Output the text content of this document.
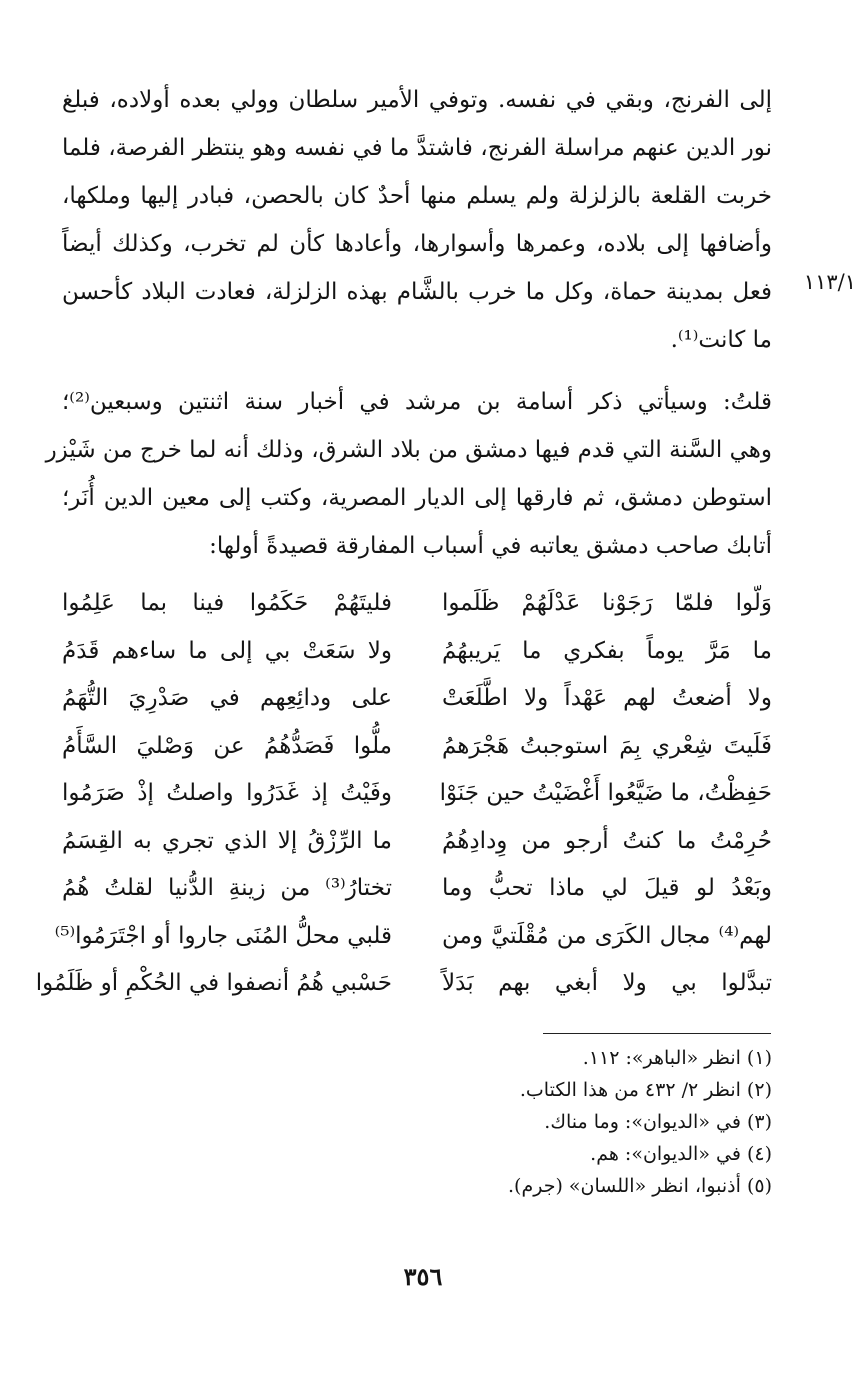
١١٣/١
إلى الفرنج، وبقي في نفسه. وتوفي الأمير سلطان وولي بعده أولاده، فبلغ
نور الدين عنهم مراسلة الفرنج، فاشتدَّ ما في نفسه وهو ينتظر الفرصة، فلما
خربت القلعة بالزلزلة ولم يسلم منها أحدٌ كان بالحصن، فبادر إليها وملكها،
وأضافها إلى بلاده، وعمرها وأسوارها، وأعادها كأن لم تخرب، وكذلك أيضاً
فعل بمدينة حماة، وكل ما خرب بالشَّام بهذه الزلزلة، فعادت البلاد كأحسن
ما كانت⁽¹⁾.
قلتُ: وسيأتي ذكر أسامة بن مرشد في أخبار سنة اثنتين وسبعين⁽²⁾؛
وهي السَّنة التي قدم فيها دمشق من بلاد الشرق، وذلك أنه لما خرج من شَيْزر
استوطن دمشق، ثم فارقها إلى الديار المصرية، وكتب إلى معين الدين أُنَر؛
أتابك صاحب دمشق يعاتبه في أسباب المفارقة قصيدةً أولها:
وَلّوا فلمّا رَجَوْنا عَدْلَهُمْ ظَلَموا
فليتَهُمْ حَكَمُوا فينا بما عَلِمُوا
ما مَرَّ يوماً بفكري ما يَريبهُمُ
ولا سَعَتْ بي إلى ما ساءهم قَدَمُ
ولا أضعتُ لهم عَهْداً ولا اطَّلَعَتْ
على ودائِعِهم في صَدْرِيَ التُّهَمُ
فَلَيتَ شِعْري بِمَ استوجبتُ هَجْرَهمُ
ملُّوا فَصَدُّهُمُ عن وَصْليَ السَّأَمُ
حَفِظْتُ، ما ضَيَّعُوا أَغْضَيْتُ حين جَنَوْا
وفَيْتُ إذ غَدَرُوا واصلتُ إذْ صَرَمُوا
حُرِمْتُ ما كنتُ أرجو من وِدادِهُمُ
ما الرِّزْقُ إلا الذي تجري به القِسَمُ
وبَعْدُ لو قيلَ لي ماذا تحبُّ وما
تختارُ⁽³⁾ من زينةِ الدُّنيا لقلتُ هُمُ
لهم⁽⁴⁾ مجال الكَرَى من مُقْلَتيَّ ومن
قلبي محلُّ المُنَى جاروا أو اجْتَرَمُوا⁽⁵⁾
تبدَّلوا بي ولا أبغي بهم بَدَلاً
حَسْبي هُمُ أنصفوا في الحُكْمِ أو ظَلَمُوا
(١) انظر «الباهر»: ١١٢.
(٢) انظر ٢/ ٤٣٢ من هذا الكتاب.
(٣) في «الديوان»: وما مناك.
(٤) في «الديوان»: هم.
(٥) أذنبوا، انظر «اللسان» (جرم).
٣٥٦
